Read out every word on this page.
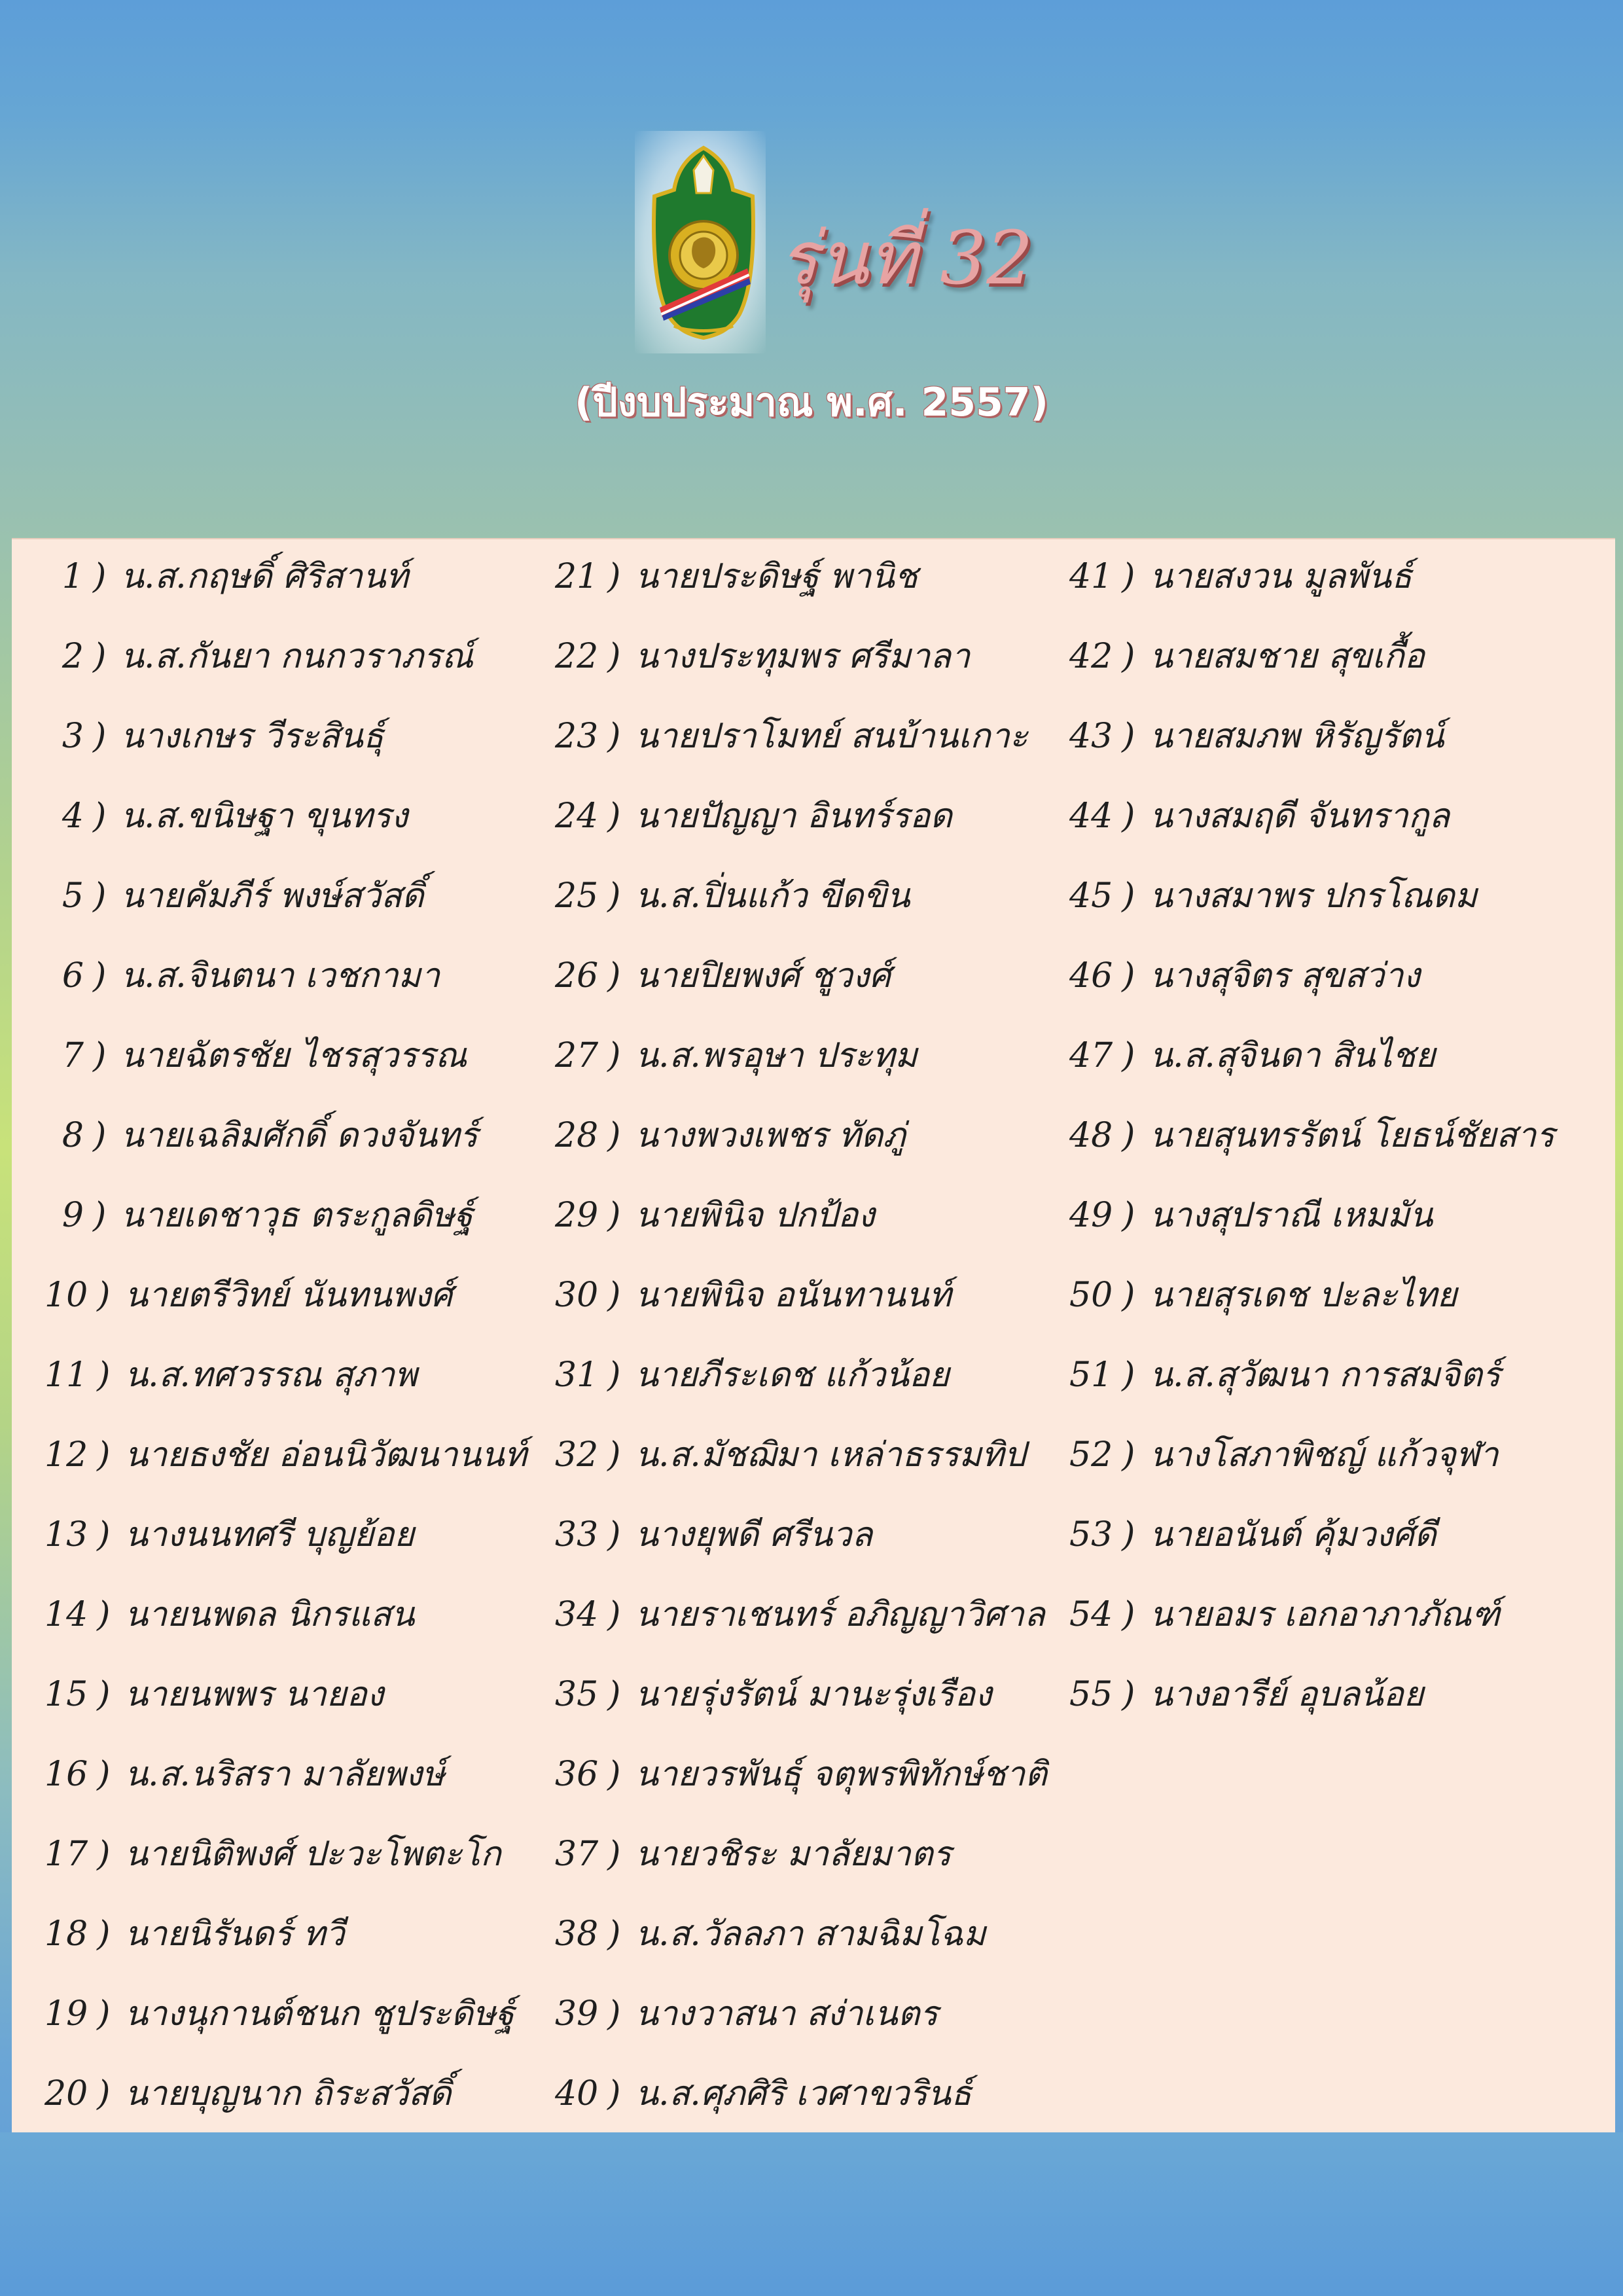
รุ่นที่ 32
(ปีงบประมาณ พ.ศ. 2557)
1 ) น.ส.กฤษดิ์ ศิริสานท์
2 ) น.ส.กันยา กนกวราภรณ์
3 ) นางเกษร วีระสินธุ์
4 ) น.ส.ขนิษฐา ขุนทรง
5 ) นายคัมภีร์ พงษ์สวัสดิ์
6 ) น.ส.จินตนา เวชกามา
7 ) นายฉัตรชัย ไชรสุวรรณ
8 ) นายเฉลิมศักดิ์ ดวงจันทร์
9 ) นายเดชาวุธ ตระกูลดิษฐ์
10 ) นายตรีวิทย์ นันทนพงศ์
11 ) น.ส.ทศวรรณ สุภาพ
12 ) นายธงชัย อ่อนนิวัฒนานนท์
13 ) นางนนทศรี บุญย้อย
14 ) นายนพดล นิกรแสน
15 ) นายนพพร นายอง
16 ) น.ส.นริสรา มาลัยพงษ์
17 ) นายนิติพงศ์ ปะวะโพตะโก
18 ) นายนิรันดร์ ทวี
19 ) นางนุกานต์ชนก ชูประดิษฐ์
20 ) นายบุญนาก ถิระสวัสดิ์
21 ) นายประดิษฐ์ พานิช
22 ) นางประทุมพร ศรีมาลา
23 ) นายปราโมทย์ สนบ้านเกาะ
24 ) นายปัญญา อินทร์รอด
25 ) น.ส.ปิ่นแก้ว ขีดขิน
26 ) นายปิยพงศ์ ชูวงศ์
27 ) น.ส.พรอุษา ประทุม
28 ) นางพวงเพชร ทัดภู่
29 ) นายพินิจ ปกป้อง
30 ) นายพินิจ อนันทานนท์
31 ) นายภีระเดช แก้วน้อย
32 ) น.ส.มัชฌิมา เหล่าธรรมทิป
33 ) นางยุพดี ศรีนวล
34 ) นายราเชนทร์ อภิญญาวิศาล
35 ) นายรุ่งรัตน์ มานะรุ่งเรือง
36 ) นายวรพันธุ์ จตุพรพิทักษ์ชาติ
37 ) นายวชิระ มาลัยมาตร
38 ) น.ส.วัลลภา สามฉิมโฉม
39 ) นางวาสนา สง่าเนตร
40 ) น.ส.ศุภศิริ เวศาขวรินธ์
41 ) นายสงวน มูลพันธ์
42 ) นายสมชาย สุขเกื้อ
43 ) นายสมภพ หิรัญรัตน์
44 ) นางสมฤดี จันทรากูล
45 ) นางสมาพร ปกรโณดม
46 ) นางสุจิตร สุขสว่าง
47 ) น.ส.สุจินดา สินไชย
48 ) นายสุนทรรัตน์ โยธน์ชัยสาร
49 ) นางสุปราณี เหมมัน
50 ) นายสุรเดช ปะละไทย
51 ) น.ส.สุวัฒนา การสมจิตร์
52 ) นางโสภาพิชญ์ แก้วจุฬา
53 ) นายอนันต์ คุ้มวงศ์ดี
54 ) นายอมร เอกอาภาภัณฑ์
55 ) นางอารีย์ อุบลน้อย
